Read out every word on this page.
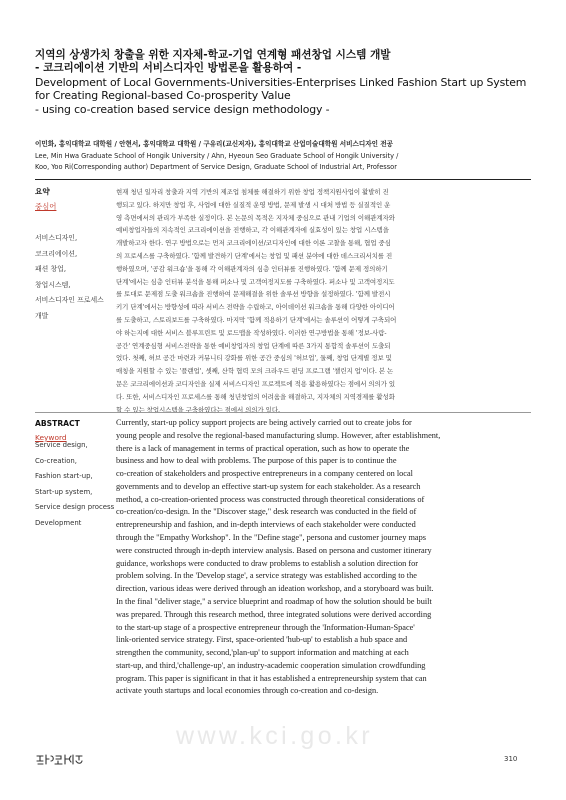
지역의 상생가치 창출을 위한 지자체-학교-기업 연계형 패션창업 시스템 개발
- 코크리에이션 기반의 서비스디자인 방법론을 활용하여 -
Development of Local Governments-Universities-Enterprises Linked Fashion Start up System
for Creating Regional-based Co-prosperity Value
- using co-creation based service design methodology -
이민화, 홍익대학교 대학원 / 안현서, 홍익대학교 대학원 / 구유리(교신저자), 홍익대학교 산업미술대학원 서비스디자인 전공
Lee, Min Hwa Graduate School of Hongik University / Ahn, Hyeoun Seo Graduate School of Hongik University /
Koo, Yoo Ri(Corresponding author) Department of Service Design, Graduate School of Industrial Art, Professor
요약
중심어
서비스디자인,
코크리에이션,
패션 창업,
창업시스템,
서비스디자인 프로세스
개발
현재 청년 일자리 창출과 지역 기반의 제조업 침체를 해결하기 위한 창업 정책지원사업이 활발히 진
행되고 있다. 하지만 창업 후, 사업에 대한 실질적 운영 방법, 문제 발생 시 대처 방법 등 실질적인 운
영 측면에서의 관리가 부족한 실정이다. 본 논문의 목적은 지자체 중심으로 관내 기업의 이해관계자와
예비창업자들의 지속적인 코크리에이션을 진행하고, 각 이해관계자에 실효성이 있는 창업 시스템을
개발하고자 한다. 연구 방법으로는 먼저 코크리에이션/코디자인에 대한 이론 고찰을 통해, 협업 중심
의 프로세스를 구축하였다. '함께 발견하기 단계'에서는 창업 및 패션 분야에 대한 데스크리서치를 진
행하였으며, '공감 워크숍'을 통해 각 이해관계자의 심층 인터뷰를 진행하였다. '함께 문제 정의하기
단계'에서는 심층 인터뷰 분석을 통해 퍼소나 및 고객여정지도를 구축하였다. 퍼소나 및 고객여정지도
를 토대로 문제점 도출 워크숍을 진행하여 문제해결을 위한 솔루션 방향을 설정하였다. '함께 발전시
키기 단계'에서는 방향성에 따라 서비스 전략을 수립하고, 아이데이션 워크숍을 통해 다양한 아이디어
를 도출하고, 스토리보드를 구축하였다. 마지막 '함께 적용하기 단계'에서는 솔루션이 어떻게 구축되어
야 하는지에 대한 서비스 블루프린트 및 로드맵을 작성하였다. 이러한 연구방법을 통해 '정보-사람-
공간' 연계중심형 서비스전략을 통한 예비창업자의 창업 단계에 따른 3가지 통합적 솔루션이 도출되
었다. 첫째, 허브 공간 마련과 커뮤니티 강화를 위한 공간 중심의 '허브업', 둘째, 창업 단계별 정보 및
매칭을 지원할 수 있는 '플랜업', 셋째, 산학 협력 모의 크라우드 펀딩 프로그램 '챌린지 업'이다. 본 논
문은 코크리에이션과 코디자인을 실제 서비스디자인 프로젝트에 적용 활용하였다는 점에서 의의가 있
다. 또한, 서비스디자인 프로세스를 통해 청년창업의 어려움을 해결하고, 지자체의 지역경제를 활성화
할 수 있는 창업시스템을 구축하였다는 점에서 의의가 있다.
ABSTRACT
Keyword
Service design,
Co-creation,
Fashion start-up,
Start-up system,
Service design process
Development
Currently, start-up policy support projects are being actively carried out to create jobs for
young people and resolve the regional-based manufacturing slump. However, after establishment,
there is a lack of management in terms of practical operation, such as how to operate the
business and how to deal with problems. The purpose of this paper is to continue the
co-creation of stakeholders and prospective entrepreneurs in a company centered on local
governments and to develop an effective start-up system for each stakeholder. As a research
method, a co-creation-oriented process was constructed through theoretical considerations of
co-creation/co-design. In the "Discover stage," desk research was conducted in the field of
entrepreneurship and fashion, and in-depth interviews of each stakeholder were conducted
through the "Empathy Workshop". In the "Define stage", persona and customer journey maps
were constructed through in-depth interview analysis. Based on persona and customer itinerary
guidance, workshops were conducted to draw problems to establish a solution direction for
problem solving. In the 'Develop stage', a service strategy was established according to the
direction, various ideas were derived through an ideation workshop, and a storyboard was built.
In the final "deliver stage," a service blueprint and roadmap of how the solution should be built
was prepared. Through this research method, three integrated solutions were derived according
to the start-up stage of a prospective entrepreneur through the 'Information-Human-Space'
link-oriented service strategy. First, space-oriented 'hub-up' to establish a hub space and
strengthen the community, second,'plan-up' to support information and matching at each
start-up, and third,'challenge-up', an industry-academic cooperation simulation crowdfunding
program. This paper is significant in that it has established a entrepreneurship system that can
activate youth startups and local economies through co-creation and co-design.
www.kci.go.kr
310
